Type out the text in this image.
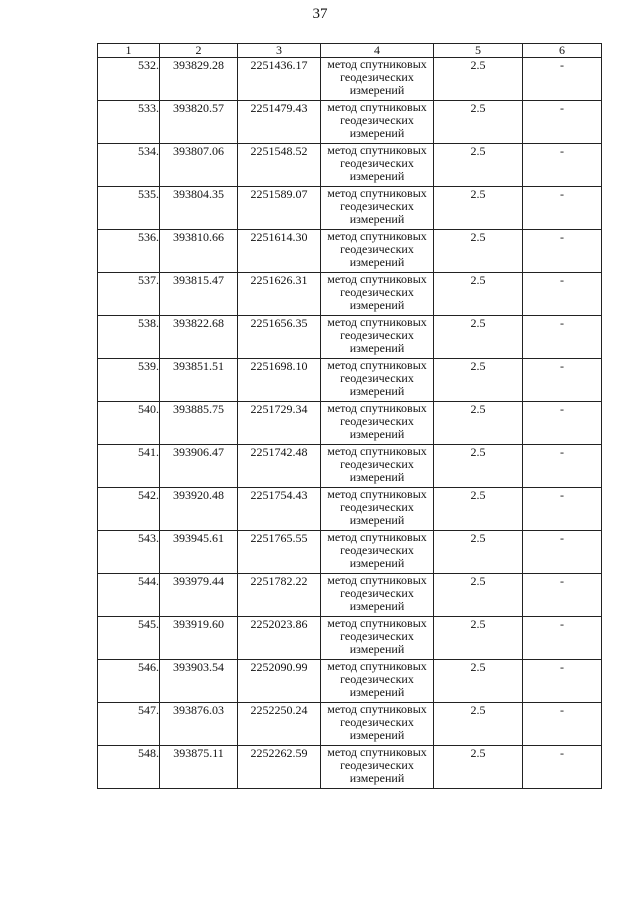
37
1	2	3	4	5	6
532.	393829.28	2251436.17	метод спутниковых геодезических измерений	2.5	-
533.	393820.57	2251479.43	метод спутниковых геодезических измерений	2.5	-
534.	393807.06	2251548.52	метод спутниковых геодезических измерений	2.5	-
535.	393804.35	2251589.07	метод спутниковых геодезических измерений	2.5	-
536.	393810.66	2251614.30	метод спутниковых геодезических измерений	2.5	-
537.	393815.47	2251626.31	метод спутниковых геодезических измерений	2.5	-
538.	393822.68	2251656.35	метод спутниковых геодезических измерений	2.5	-
539.	393851.51	2251698.10	метод спутниковых геодезических измерений	2.5	-
540.	393885.75	2251729.34	метод спутниковых геодезических измерений	2.5	-
541.	393906.47	2251742.48	метод спутниковых геодезических измерений	2.5	-
542.	393920.48	2251754.43	метод спутниковых геодезических измерений	2.5	-
543.	393945.61	2251765.55	метод спутниковых геодезических измерений	2.5	-
544.	393979.44	2251782.22	метод спутниковых геодезических измерений	2.5	-
545.	393919.60	2252023.86	метод спутниковых геодезических измерений	2.5	-
546.	393903.54	2252090.99	метод спутниковых геодезических измерений	2.5	-
547.	393876.03	2252250.24	метод спутниковых геодезических измерений	2.5	-
548.	393875.11	2252262.59	метод спутниковых геодезических измерений	2.5	-
